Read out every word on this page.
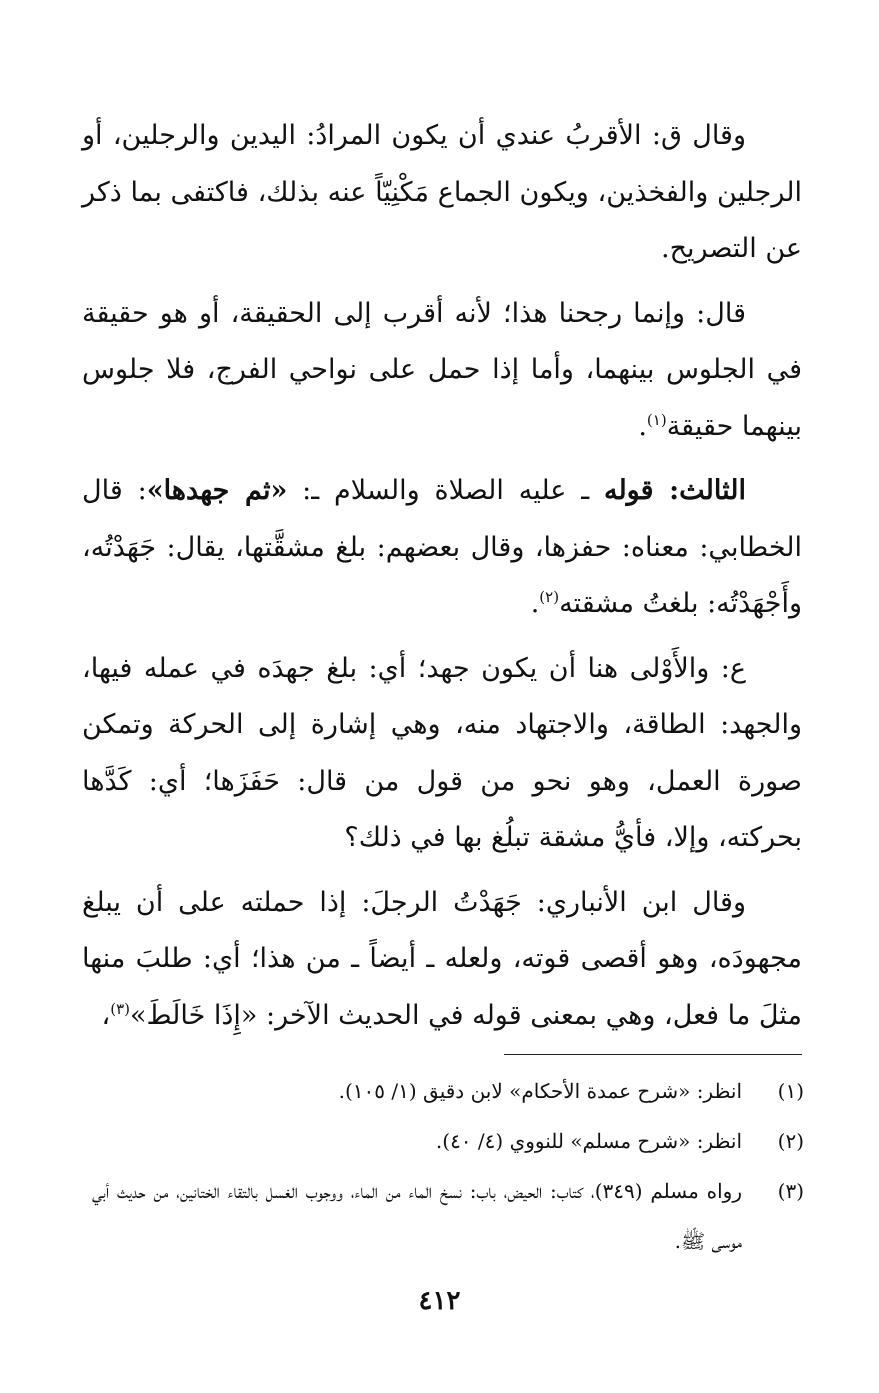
وقال ق: الأقربُ عندي أن يكون المرادُ: اليدين والرجلين، أو الرجلين والفخذين، ويكون الجماع مَكْنِيّاً عنه بذلك، فاكتفى بما ذكر عن التصريح.

قال: وإنما رجحنا هذا؛ لأنه أقرب إلى الحقيقة، أو هو حقيقة في الجلوس بينهما، وأما إذا حمل على نواحي الفرج، فلا جلوس بينهما حقيقة$^{(١)}$.

الثالث: قوله ـ عليه الصلاة والسلام ـ: «ثم جهدها»: قال الخطابي: معناه: حفزها، وقال بعضهم: بلغ مشقَّتها، يقال: جَهَدْتُه، وأَجْهَدْتُه: بلغتُ مشقته$^{(٢)}$.

ع: والأَوْلى هنا أن يكون جهد؛ أي: بلغ جهدَه في عمله فيها، والجهد: الطاقة، والاجتهاد منه، وهي إشارة إلى الحركة وتمكن صورة العمل، وهو نحو من قول من قال: حَفَزَها؛ أي: كَدَّها بحركته، وإلا، فأيُّ مشقة تبلُغ بها في ذلك؟

وقال ابن الأنباري: جَهَدْتُ الرجلَ: إذا حملته على أن يبلغ مجهودَه، وهو أقصى قوته، ولعله ـ أيضاً ـ من هذا؛ أي: طلبَ منها مثلَ ما فعل، وهي بمعنى قوله في الحديث الآخر: «إِذَا خَالَطَ»$^{(٣)}$،

(١)
انظر: «شرح عمدة الأحكام» لابن دقيق (١/ ١٠٥).
(٢)
انظر: «شرح مسلم» للنووي (٤/ ٤٠).
(٣)
رواه مسلم (٣٤٩)، كتاب: الحيض، باب: نسخ الماء من الماء، ووجوب الغسل بالتقاء الختانين، من حديث أبي موسى ﷺ.
٤١٢
